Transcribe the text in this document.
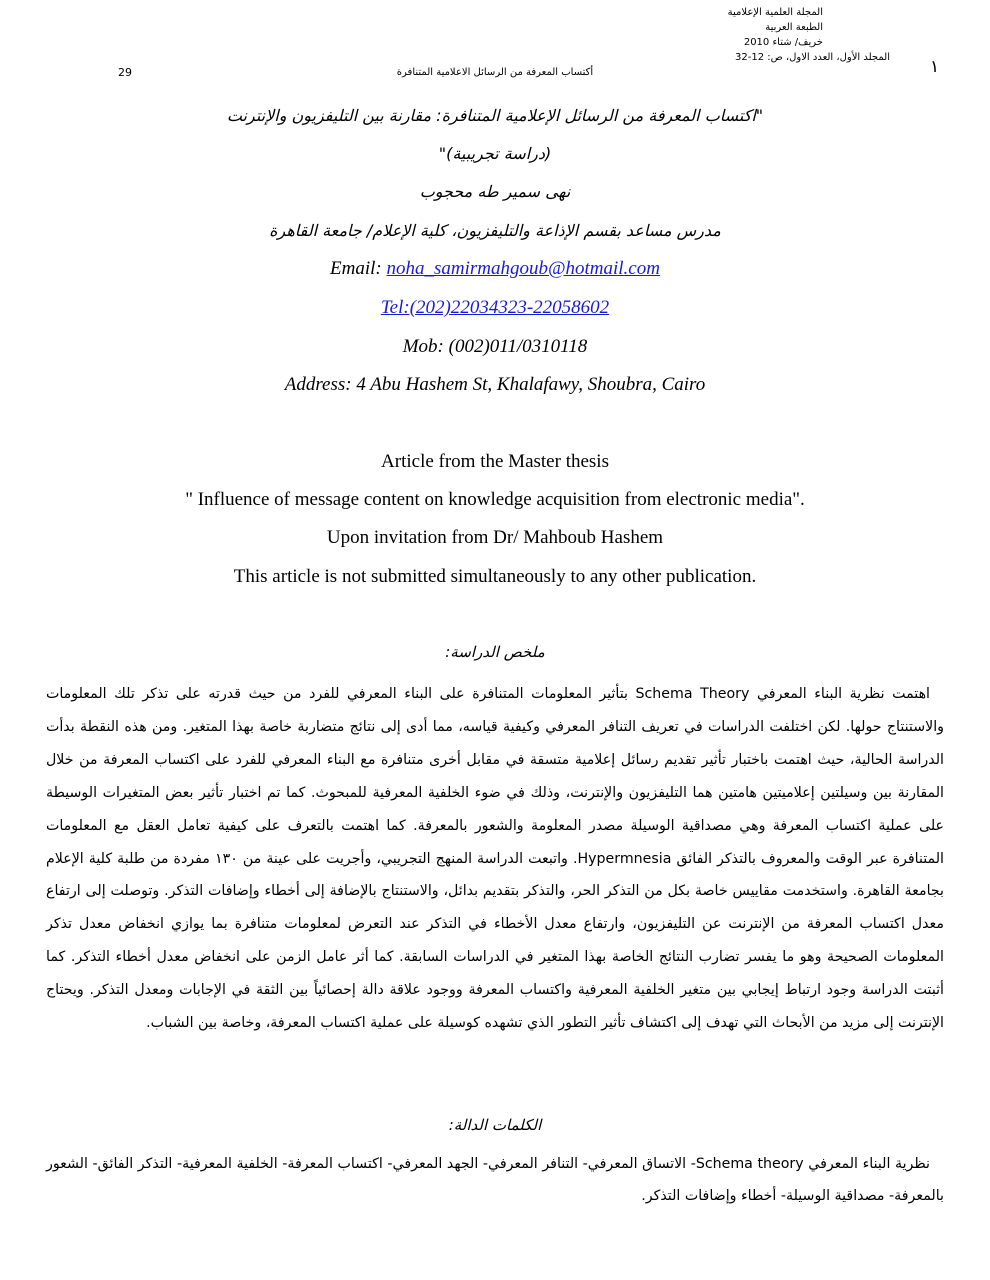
المجلة العلمية الإعلامية
الطبعة العربية
خريف/ شتاء 2010
المجلد الأول، العدد الاول، ص: 12-32
29	أكتساب المعرفة من الرسائل الاعلامية المتنافرة	١
"اكتساب المعرفة من الرسائل الإعلامية المتنافرة: مقارنة بين التليفزيون والإنترنت
(دراسة تجريبية)"
نهى سمير طه محجوب
مدرس مساعد بقسم الإذاعة والتليفزيون، كلية الإعلام/ جامعة القاهرة
Email: noha_samirmahgoub@hotmail.com
Tel:(202)22034323-22058602
Mob: (002)011/0310118
Address: 4 Abu Hashem St, Khalafawy, Shoubra, Cairo
Article from the Master thesis
" Influence of message content on knowledge acquisition from electronic media".
Upon invitation from Dr/ Mahboub Hashem
This article is not submitted simultaneously to any other publication.
ملخص الدراسة:

اهتمت نظرية البناء المعرفي Schema Theory بتأثير المعلومات المتنافرة على البناء المعرفي للفرد من حيث قدرته على تذكر تلك المعلومات والاستنتاج حولها. لكن اختلفت الدراسات في تعريف التنافر المعرفي وكيفية قياسه، مما أدى إلى نتائج متضاربة خاصة بهذا المتغير. ومن هذه النقطة بدأت الدراسة الحالية، حيث اهتمت باختبار تأثير تقديم رسائل إعلامية متسقة في مقابل أخرى متنافرة مع البناء المعرفي للفرد على اكتساب المعرفة من خلال المقارنة بين وسيلتين إعلاميتين هامتين هما التليفزيون والإنترنت، وذلك في ضوء الخلفية المعرفية للمبحوث. كما تم اختبار تأثير بعض المتغيرات الوسيطة على عملية اكتساب المعرفة وهي مصداقية الوسيلة مصدر المعلومة والشعور بالمعرفة. كما اهتمت بالتعرف على كيفية تعامل العقل مع المعلومات المتنافرة عبر الوقت والمعروف بالتذكر الفائق Hypermnesia. واتبعت الدراسة المنهج التجريبي، وأجريت على عينة من ١٣٠ مفردة من طلبة كلية الإعلام بجامعة القاهرة. واستخدمت مقاييس خاصة بكل من التذكر الحر، والتذكر بتقديم بدائل، والاستنتاج بالإضافة إلى أخطاء وإضافات التذكر. وتوصلت إلى ارتفاع معدل اكتساب المعرفة من الإنترنت عن التليفزيون، وارتفاع معدل الأخطاء في التذكر عند التعرض لمعلومات متنافرة بما يوازي انخفاض معدل تذكر المعلومات الصحيحة وهو ما يفسر تضارب النتائج الخاصة بهذا المتغير في الدراسات السابقة. كما أثر عامل الزمن على انخفاض معدل أخطاء التذكر. كما أثبتت الدراسة وجود ارتباط إيجابي بين متغير الخلفية المعرفية واكتساب المعرفة ووجود علاقة دالة إحصائياً بين الثقة في الإجابات ومعدل التذكر. ويحتاج الإنترنت إلى مزيد من الأبحاث التي تهدف إلى اكتشاف تأثير التطور الذي تشهده كوسيلة على عملية اكتساب المعرفة، وخاصة بين الشباب.

الكلمات الدالة:

نظرية البناء المعرفي Schema theory- الاتساق المعرفي- التنافر المعرفي- الجهد المعرفي- اكتساب المعرفة- الخلفية المعرفية- التذكر الفائق- الشعور بالمعرفة- مصداقية الوسيلة- أخطاء وإضافات التذكر.
